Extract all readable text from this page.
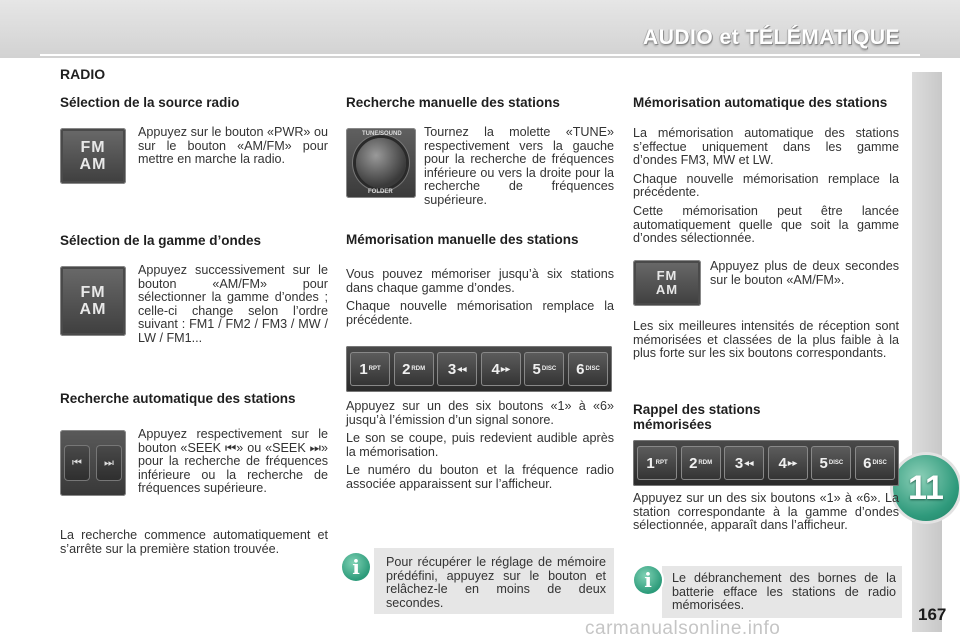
AUDIO et TÉLÉMATIQUE
11
167
RADIO
Sélection de la source radio
FM
AM
Appuyez sur le bouton «PWR» ou sur le bouton «AM/FM» pour mettre en marche la radio.
Sélection de la gamme d’ondes
FM
AM
Appuyez successivement sur le bouton «AM/FM» pour sélectionner la gamme d’ondes ; celle-ci change selon l’ordre suivant : FM1 / FM2 / FM3 / MW / LW / FM1...
Recherche automatique des stations
⏮	⏭
Appuyez respectivement sur le bouton «SEEK ⏮» ou «SEEK ⏭» pour la recherche de fréquences inférieure ou la recherche de fréquences supérieure.
La recherche commence automatiquement et s’arrête sur la première station trouvée.
Recherche manuelle des stations
TUNE/SOUND
FOLDER
Tournez la molette «TUNE» respectivement vers la gauche pour la recherche de fréquences inférieure ou vers la droite pour la recherche de fréquences supérieure.
Mémorisation manuelle des stations

Vous pouvez mémoriser jusqu’à six stations dans chaque gamme d’ondes.

Chaque nouvelle mémorisation remplace la précédente.

1 RPT 2 RDM 3 ◀◀ 4 ▶▶ 5 DISC 6 DISC

Appuyez sur un des six boutons «1» à «6» jusqu’à l’émission d’un signal sonore.

Le son se coupe, puis redevient audible après la mémorisation.

Le numéro du bouton et la fréquence radio associée apparaissent sur l’afficheur.

Pour récupérer le réglage de mémoire prédéfini, appuyez sur le bouton et relâchez-le en moins de deux secondes.
i
Mémorisation automatique des stations

La mémorisation automatique des stations s’effectue uniquement dans les gamme d’ondes FM3, MW et LW.

Chaque nouvelle mémorisation remplace la précédente.

Cette mémorisation peut être lancée automatiquement quelle que soit la gamme d’ondes sélectionnée.

FM
AM
Appuyez plus de deux secondes sur le bouton «AM/FM».
Les six meilleures intensités de réception sont mémorisées et classées de la plus faible à la plus forte sur les six boutons correspondants.
Rappel des stations mémorisées
1 RPT 2 RDM 3 ◀◀ 4 ▶▶ 5 DISC 6 DISC
Appuyez sur un des six boutons «1» à «6». La station correspondante à la gamme d’ondes sélectionnée, apparaît dans l’afficheur.
Le débranchement des bornes de la batterie efface les stations de radio mémorisées.
i
carmanualsonline.info
